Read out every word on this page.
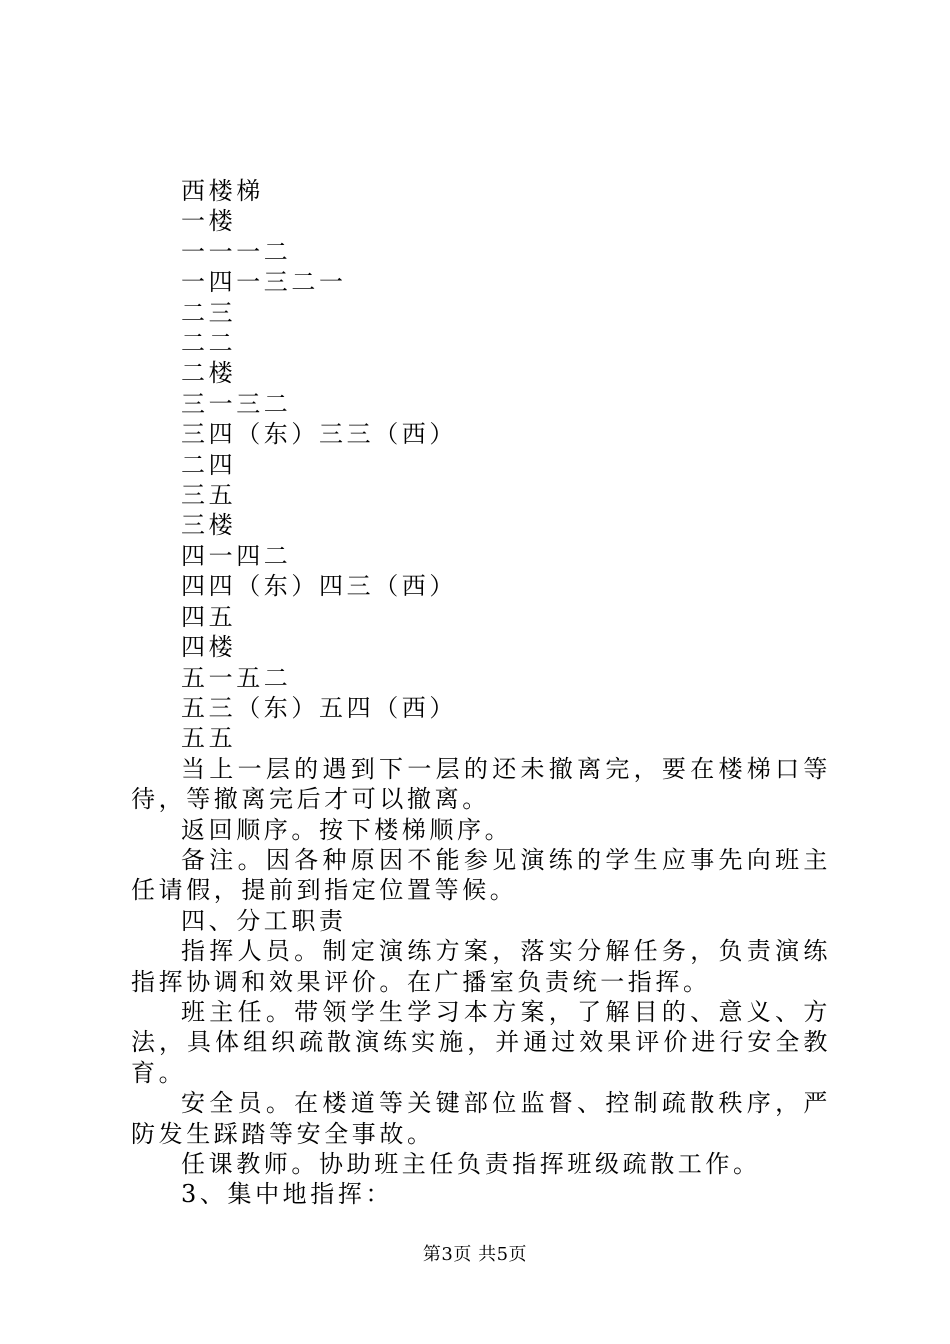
西楼梯
一楼
一一一二
一四一三二一
二三
二二
二楼
三一三二
三四（东）三三（西）
二四
三五
三楼
四一四二
四四（东）四三（西）
四五
四楼
五一五二
五三（东）五四（西）
五五
当上一层的遇到下一层的还未撤离完，要在楼梯口等待，等撤离完后才可以撤离。
返回顺序。按下楼梯顺序。
备注。因各种原因不能参见演练的学生应事先向班主任请假，提前到指定位置等候。
四、分工职责
指挥人员。制定演练方案，落实分解任务，负责演练指挥协调和效果评价。在广播室负责统一指挥。
班主任。带领学生学习本方案，了解目的、意义、方法，具体组织疏散演练实施，并通过效果评价进行安全教育。
安全员。在楼道等关键部位监督、控制疏散秩序，严防发生踩踏等安全事故。
任课教师。协助班主任负责指挥班级疏散工作。
3、集中地指挥：
第3页 共5页
